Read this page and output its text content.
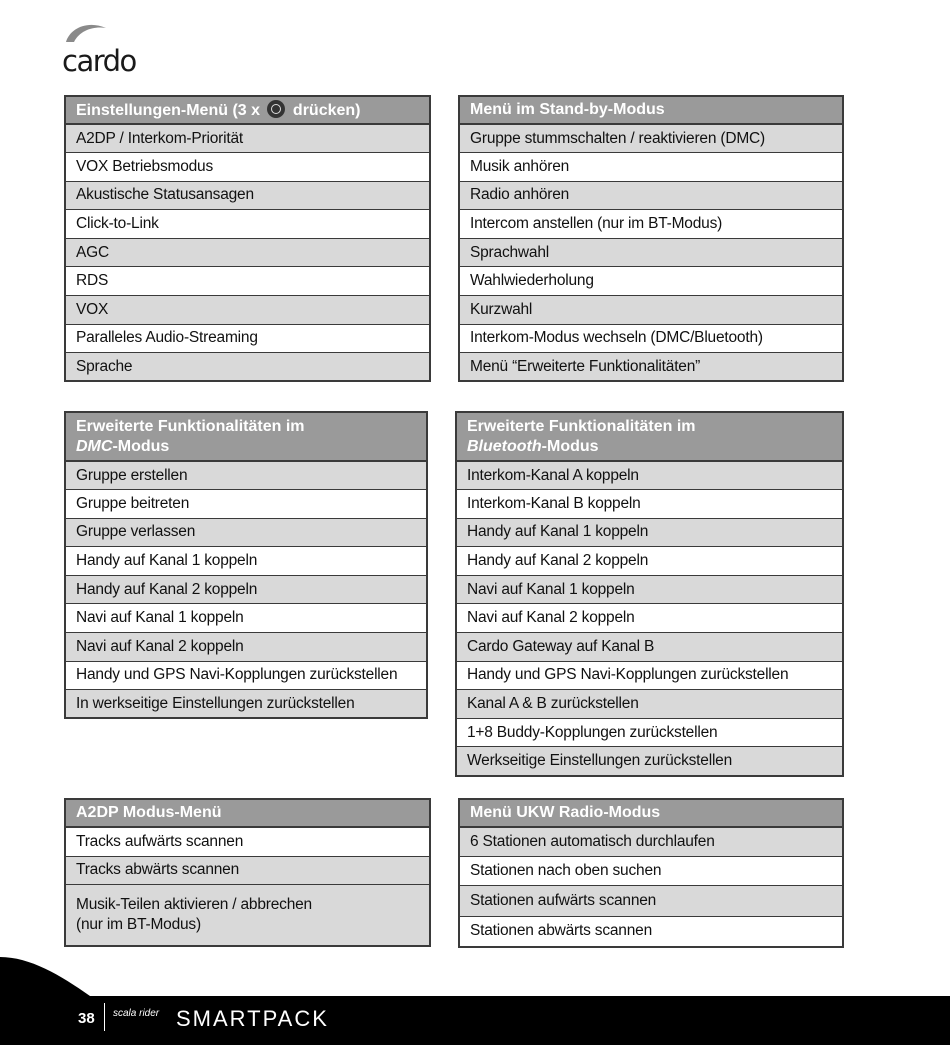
cardo
Einstellungen-Menü (3 x drücken)
A2DP / Interkom-Priorität
VOX Betriebsmodus
Akustische Statusansagen
Click-to-Link
AGC
RDS
VOX
Paralleles Audio-Streaming
Sprache
Menü im Stand-by-Modus
Gruppe stummschalten / reaktivieren (DMC)
Musik anhören
Radio anhören
Intercom anstellen (nur im BT-Modus)
Sprachwahl
Wahlwiederholung
Kurzwahl
Interkom-Modus wechseln (DMC/Bluetooth)
Menü “Erweiterte Funktionalitäten”
Erweiterte Funktionalitäten im
DMC-Modus
Gruppe erstellen
Gruppe beitreten
Gruppe verlassen
Handy auf Kanal 1 koppeln
Handy auf Kanal 2 koppeln
Navi auf Kanal 1 koppeln
Navi auf Kanal 2 koppeln
Handy und GPS Navi-Kopplungen zurückstellen
In werkseitige Einstellungen zurückstellen
Erweiterte Funktionalitäten im
Bluetooth-Modus
Interkom-Kanal A koppeln
Interkom-Kanal B koppeln
Handy auf Kanal 1 koppeln
Handy auf Kanal 2 koppeln
Navi auf Kanal 1 koppeln
Navi auf Kanal 2 koppeln
Cardo Gateway auf Kanal B
Handy und GPS Navi-Kopplungen zurückstellen
Kanal A & B zurückstellen
1+8 Buddy-Kopplungen zurückstellen
Werkseitige Einstellungen zurückstellen
A2DP Modus-Menü
Tracks aufwärts scannen
Tracks abwärts scannen
Musik-Teilen aktivieren / abbrechen
(nur im BT-Modus)
Menü UKW Radio-Modus
6 Stationen automatisch durchlaufen
Stationen nach oben suchen
Stationen aufwärts scannen
Stationen abwärts scannen
38 scala rider SMARTPACK
